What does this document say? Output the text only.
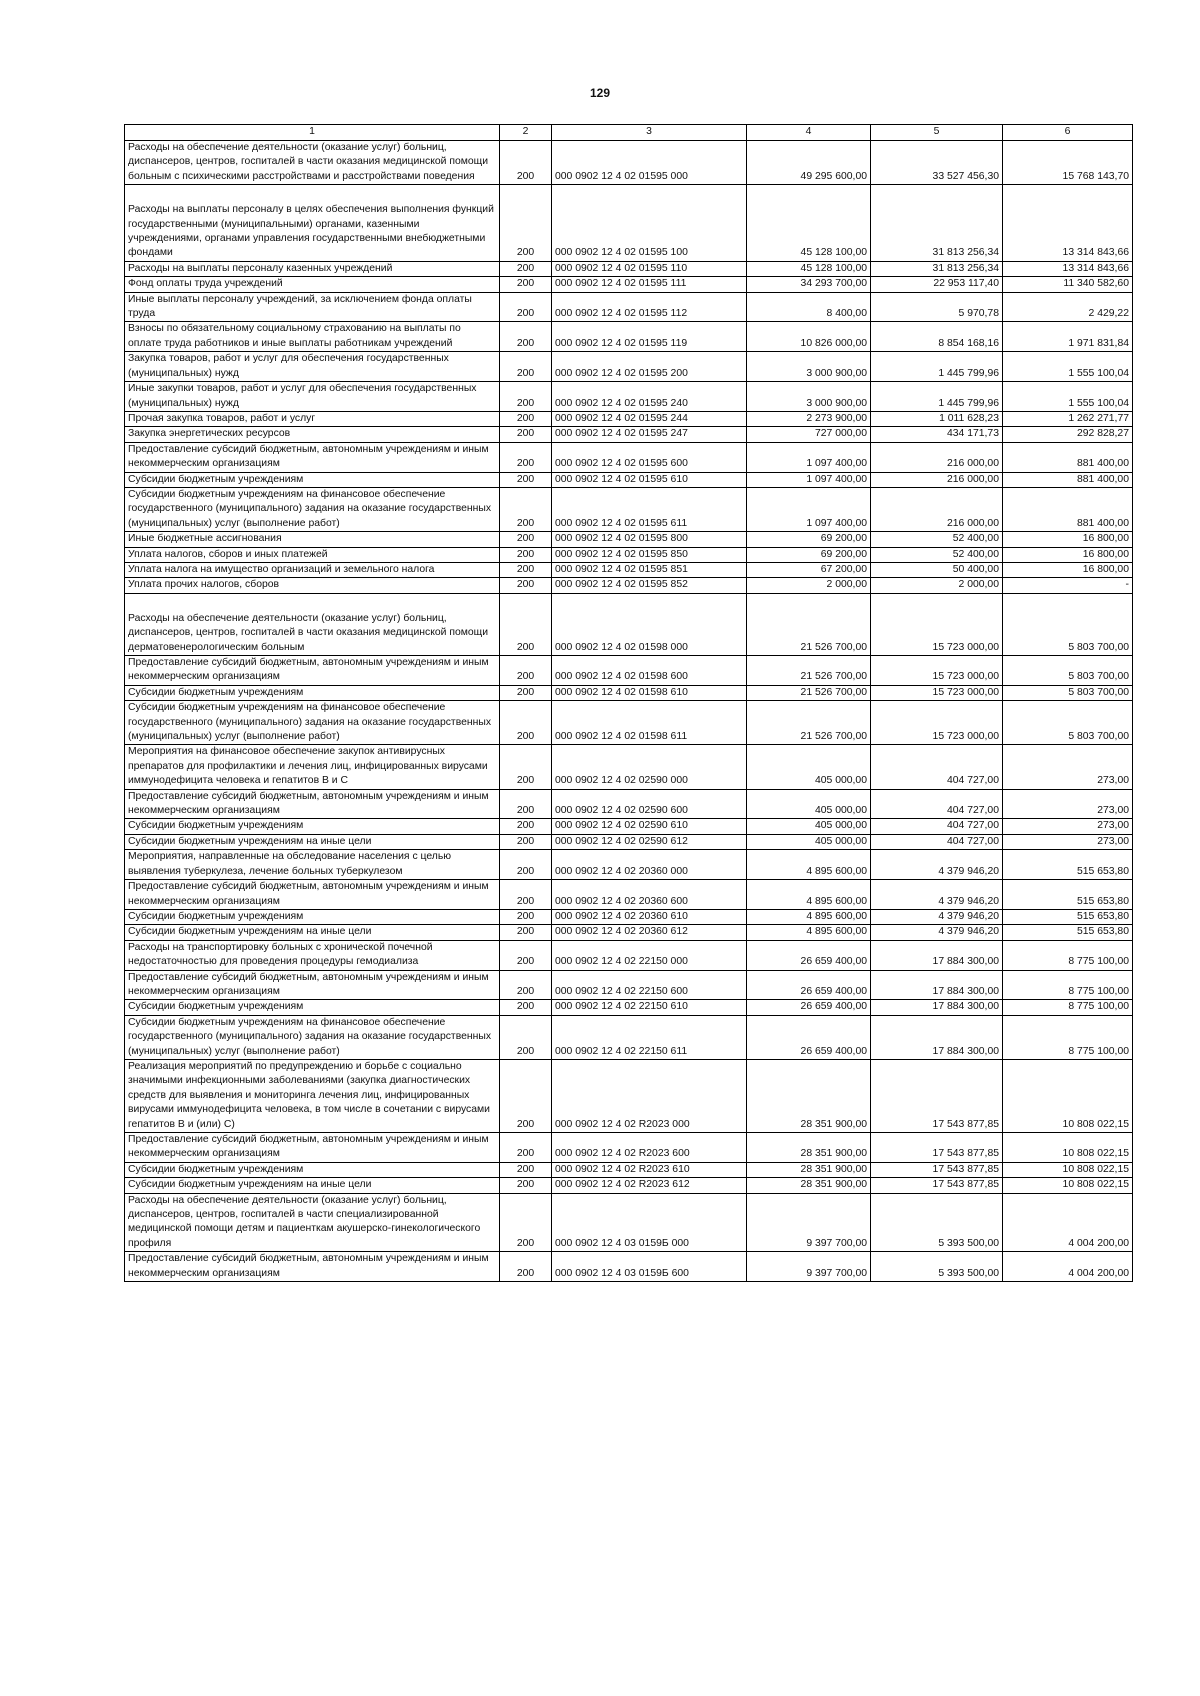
129
1	2	3	4	5	6
Расходы на обеспечение деятельности (оказание услуг) больниц, диспансеров, центров, госпиталей в части оказания медицинской помощи больным с психическими расстройствами и расстройствами поведения	200	000 0902 12 4 02 01595 000	49 295 600,00	33 527 456,30	15 768 143,70
Расходы на выплаты персоналу в целях обеспечения выполнения функций государственными (муниципальными) органами, казенными учреждениями, органами управления государственными внебюджетными фондами	200	000 0902 12 4 02 01595 100	45 128 100,00	31 813 256,34	13 314 843,66
Расходы на выплаты персоналу казенных учреждений	200	000 0902 12 4 02 01595 110	45 128 100,00	31 813 256,34	13 314 843,66
Фонд оплаты труда учреждений	200	000 0902 12 4 02 01595 111	34 293 700,00	22 953 117,40	11 340 582,60
Иные выплаты персоналу учреждений, за исключением фонда оплаты труда	200	000 0902 12 4 02 01595 112	8 400,00	5 970,78	2 429,22
Взносы по обязательному социальному страхованию на выплаты по оплате труда работников и иные выплаты работникам учреждений	200	000 0902 12 4 02 01595 119	10 826 000,00	8 854 168,16	1 971 831,84
Закупка товаров, работ и услуг для обеспечения государственных (муниципальных) нужд	200	000 0902 12 4 02 01595 200	3 000 900,00	1 445 799,96	1 555 100,04
Иные закупки товаров, работ и услуг для обеспечения государственных (муниципальных) нужд	200	000 0902 12 4 02 01595 240	3 000 900,00	1 445 799,96	1 555 100,04
Прочая закупка товаров, работ и услуг	200	000 0902 12 4 02 01595 244	2 273 900,00	1 011 628,23	1 262 271,77
Закупка энергетических ресурсов	200	000 0902 12 4 02 01595 247	727 000,00	434 171,73	292 828,27
Предоставление субсидий бюджетным, автономным учреждениям и иным некоммерческим организациям	200	000 0902 12 4 02 01595 600	1 097 400,00	216 000,00	881 400,00
Субсидии бюджетным учреждениям	200	000 0902 12 4 02 01595 610	1 097 400,00	216 000,00	881 400,00
Субсидии бюджетным учреждениям на финансовое обеспечение государственного (муниципального) задания на оказание государственных (муниципальных) услуг (выполнение работ)	200	000 0902 12 4 02 01595 611	1 097 400,00	216 000,00	881 400,00
Иные бюджетные ассигнования	200	000 0902 12 4 02 01595 800	69 200,00	52 400,00	16 800,00
Уплата налогов, сборов и иных платежей	200	000 0902 12 4 02 01595 850	69 200,00	52 400,00	16 800,00
Уплата налога на имущество организаций и земельного налога	200	000 0902 12 4 02 01595 851	67 200,00	50 400,00	16 800,00
Уплата прочих налогов, сборов	200	000 0902 12 4 02 01595 852	2 000,00	2 000,00	-
Расходы на обеспечение деятельности (оказание услуг) больниц, диспансеров, центров, госпиталей в части оказания медицинской помощи дерматовенерологическим больным	200	000 0902 12 4 02 01598 000	21 526 700,00	15 723 000,00	5 803 700,00
Предоставление субсидий бюджетным, автономным учреждениям и иным некоммерческим организациям	200	000 0902 12 4 02 01598 600	21 526 700,00	15 723 000,00	5 803 700,00
Субсидии бюджетным учреждениям	200	000 0902 12 4 02 01598 610	21 526 700,00	15 723 000,00	5 803 700,00
Субсидии бюджетным учреждениям на финансовое обеспечение государственного (муниципального) задания на оказание государственных (муниципальных) услуг (выполнение работ)	200	000 0902 12 4 02 01598 611	21 526 700,00	15 723 000,00	5 803 700,00
Мероприятия на финансовое обеспечение закупок антивирусных препаратов для профилактики и лечения лиц, инфицированных вирусами иммунодефицита человека и гепатитов В и С	200	000 0902 12 4 02 02590 000	405 000,00	404 727,00	273,00
Предоставление субсидий бюджетным, автономным учреждениям и иным некоммерческим организациям	200	000 0902 12 4 02 02590 600	405 000,00	404 727,00	273,00
Субсидии бюджетным учреждениям	200	000 0902 12 4 02 02590 610	405 000,00	404 727,00	273,00
Субсидии бюджетным учреждениям на иные цели	200	000 0902 12 4 02 02590 612	405 000,00	404 727,00	273,00
Мероприятия, направленные на обследование населения с целью выявления туберкулеза, лечение больных туберкулезом	200	000 0902 12 4 02 20360 000	4 895 600,00	4 379 946,20	515 653,80
Предоставление субсидий бюджетным, автономным учреждениям и иным некоммерческим организациям	200	000 0902 12 4 02 20360 600	4 895 600,00	4 379 946,20	515 653,80
Субсидии бюджетным учреждениям	200	000 0902 12 4 02 20360 610	4 895 600,00	4 379 946,20	515 653,80
Субсидии бюджетным учреждениям на иные цели	200	000 0902 12 4 02 20360 612	4 895 600,00	4 379 946,20	515 653,80
Расходы на транспортировку больных с хронической почечной недостаточностью для проведения процедуры гемодиализа	200	000 0902 12 4 02 22150 000	26 659 400,00	17 884 300,00	8 775 100,00
Предоставление субсидий бюджетным, автономным учреждениям и иным некоммерческим организациям	200	000 0902 12 4 02 22150 600	26 659 400,00	17 884 300,00	8 775 100,00
Субсидии бюджетным учреждениям	200	000 0902 12 4 02 22150 610	26 659 400,00	17 884 300,00	8 775 100,00
Субсидии бюджетным учреждениям на финансовое обеспечение государственного (муниципального) задания на оказание государственных (муниципальных) услуг (выполнение работ)	200	000 0902 12 4 02 22150 611	26 659 400,00	17 884 300,00	8 775 100,00
Реализация мероприятий по предупреждению и борьбе с социально значимыми инфекционными заболеваниями (закупка диагностических средств для выявления и мониторинга лечения лиц, инфицированных вирусами иммунодефицита человека, в том числе в сочетании с вирусами гепатитов В и (или) С)	200	000 0902 12 4 02 R2023 000	28 351 900,00	17 543 877,85	10 808 022,15
Предоставление субсидий бюджетным, автономным учреждениям и иным некоммерческим организациям	200	000 0902 12 4 02 R2023 600	28 351 900,00	17 543 877,85	10 808 022,15
Субсидии бюджетным учреждениям	200	000 0902 12 4 02 R2023 610	28 351 900,00	17 543 877,85	10 808 022,15
Субсидии бюджетным учреждениям на иные цели	200	000 0902 12 4 02 R2023 612	28 351 900,00	17 543 877,85	10 808 022,15
Расходы на обеспечение деятельности (оказание услуг) больниц, диспансеров, центров, госпиталей в части специализированной медицинской помощи детям и пациенткам акушерско-гинекологического профиля	200	000 0902 12 4 03 0159Б 000	9 397 700,00	5 393 500,00	4 004 200,00
Предоставление субсидий бюджетным, автономным учреждениям и иным некоммерческим организациям	200	000 0902 12 4 03 0159Б 600	9 397 700,00	5 393 500,00	4 004 200,00
